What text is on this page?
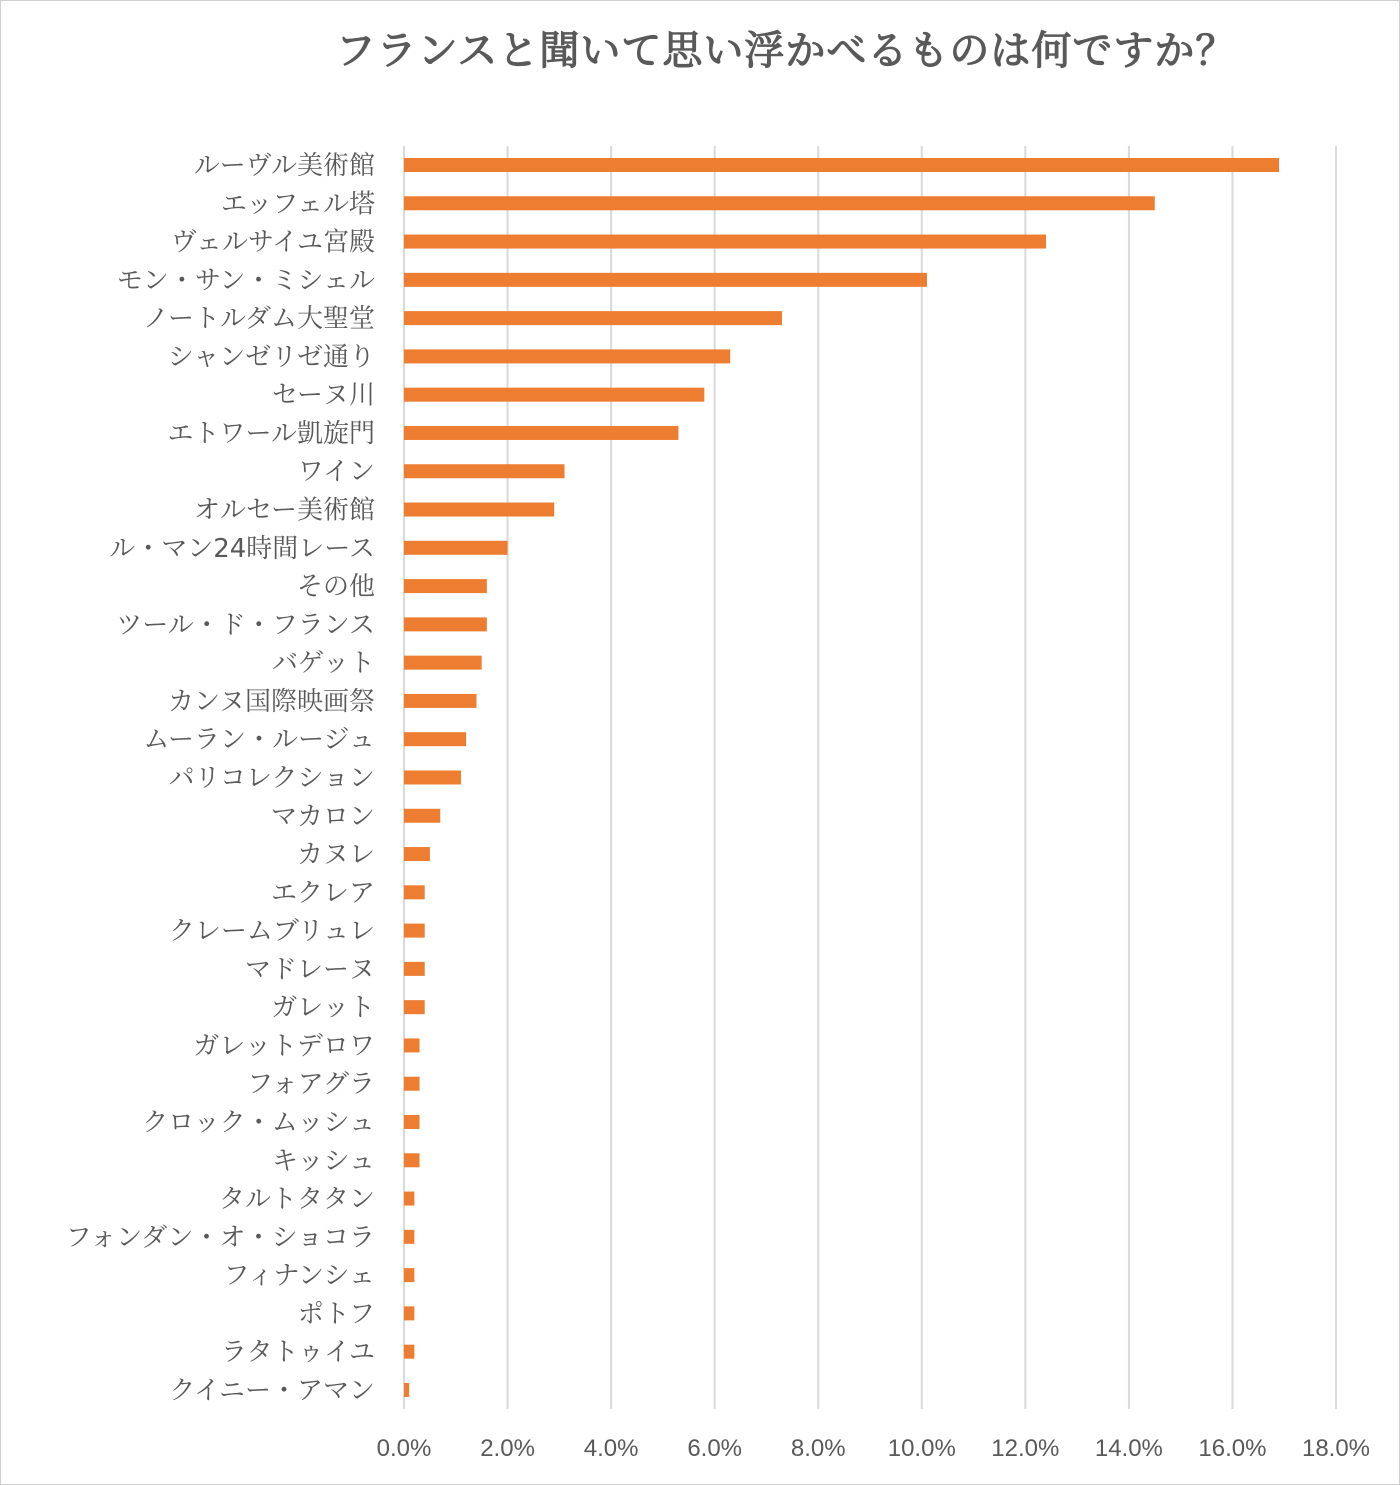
フランスと聞いて思い浮かべるものは何ですか？
ルーヴル美術館
エッフェル塔
ヴェルサイユ宮殿
モン・サン・ミシェル
ノートルダム大聖堂
シャンゼリゼ通り
セーヌ川
エトワール凱旋門
ワイン
オルセー美術館
ル・マン24時間レース
その他
ツール・ド・フランス
バゲット
カンヌ国際映画祭
ムーラン・ルージュ
パリコレクション
マカロン
カヌレ
エクレア
クレームブリュレ
マドレーヌ
ガレット
ガレットデロワ
フォアグラ
クロック・ムッシュ
キッシュ
タルトタタン
フォンダン・オ・ショコラ
フィナンシェ
ポトフ
ラタトゥイユ
クイニー・アマン
0.0% 2.0% 4.0% 6.0% 8.0% 10.0% 12.0% 14.0% 16.0% 18.0%
